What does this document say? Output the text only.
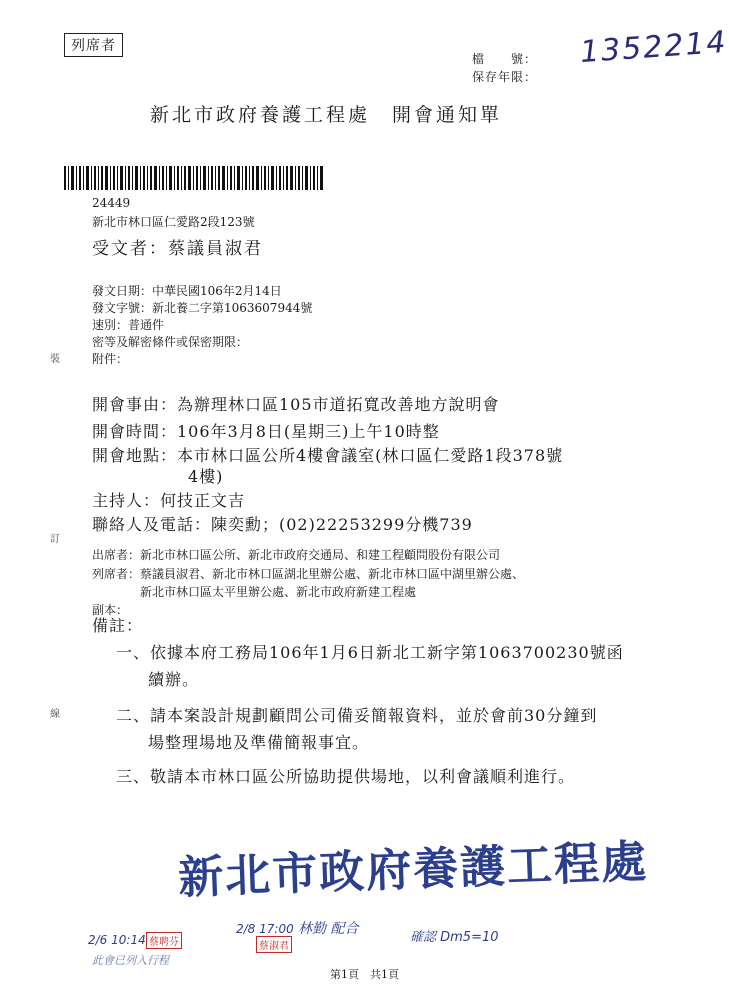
列席者
檔　　號：
保存年限：
1352214
新北市政府養護工程處　開會通知單
24449
新北市林口區仁愛路2段123號
受文者：蔡議員淑君
發文日期：中華民國106年2月14日
發文字號：新北養二字第1063607944號
速別：普通件
密等及解密條件或保密期限：
附件：
裝
訂
線
開會事由：為辦理林口區105市道拓寬改善地方說明會
開會時間：106年3月8日(星期三)上午10時整
開會地點：本市林口區公所4樓會議室(林口區仁愛路1段378號
4樓)
主持人：何技正文吉
聯絡人及電話：陳奕勳；(02)22253299分機739
出席者：新北市林口區公所、新北市政府交通局、和建工程顧問股份有限公司
列席者：蔡議員淑君、新北市林口區湖北里辦公處、新北市林口區中湖里辦公處、
新北市林口區太平里辦公處、新北市政府新建工程處
副本：
備註：
一、依據本府工務局106年1月6日新北工新字第1063700230號函
續辦。
二、請本案設計規劃顧問公司備妥簡報資料，並於會前30分鐘到
場整理場地及準備簡報事宜。
三、敬請本市林口區公所協助提供場地，以利會議順利進行。
新北市政府養護工程處
2/6 10:14 蔡聘芬
此會已列入行程
2/8 17:00
蔡淑君
林勤 配合
確認 Dm5=10
第1頁　共1頁
